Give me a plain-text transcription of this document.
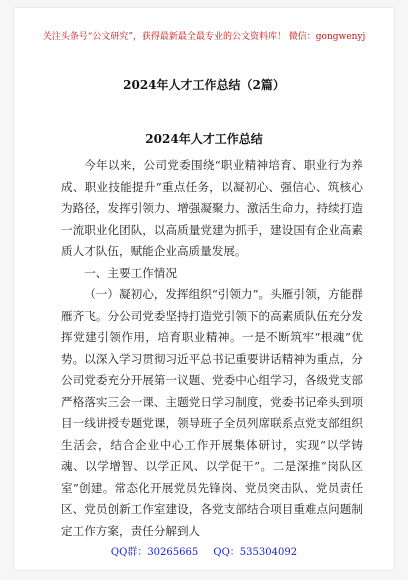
关注头条号“公文研究”，获得最新最全最专业的公文资料库！ 微信：gongwenyj
2024年人才工作总结（2篇）
2024年人才工作总结

今年以来，公司党委围绕“职业精神培育、职业行为养成、职业技能提升”重点任务，以凝初心、强信心、筑核心为路径，发挥引领力、增强凝聚力、激活生命力，持续打造一流职业化团队，以高质量党建为抓手，建设国有企业高素质人才队伍，赋能企业高质量发展。

一、主要工作情况

（一）凝初心，发挥组织“引领力”。头雁引领，方能群雁齐飞。分公司党委坚持打造党引领下的高素质队伍充分发挥党建引领作用，培育职业精神。一是不断筑牢“根魂”优势。以深入学习贯彻习近平总书记重要讲话精神为重点，分公司党委充分开展第一议题、党委中心组学习，各级党支部严格落实三会一课、主题党日学习制度，党委书记牵头到项目一线讲授专题党课，领导班子全员列席联系点党支部组织生活会，结合企业中心工作开展集体研讨，实现“以学铸魂、以学增智、以学正风、以学促干”。二是深推“岗队区室”创建。常态化开展党员先锋岗、党员突击队、党员责任区、党员创新工作室建设，各党支部结合项目重难点问题制定工作方案，责任分解到人

QQ群：30265665 QQ：535304092
